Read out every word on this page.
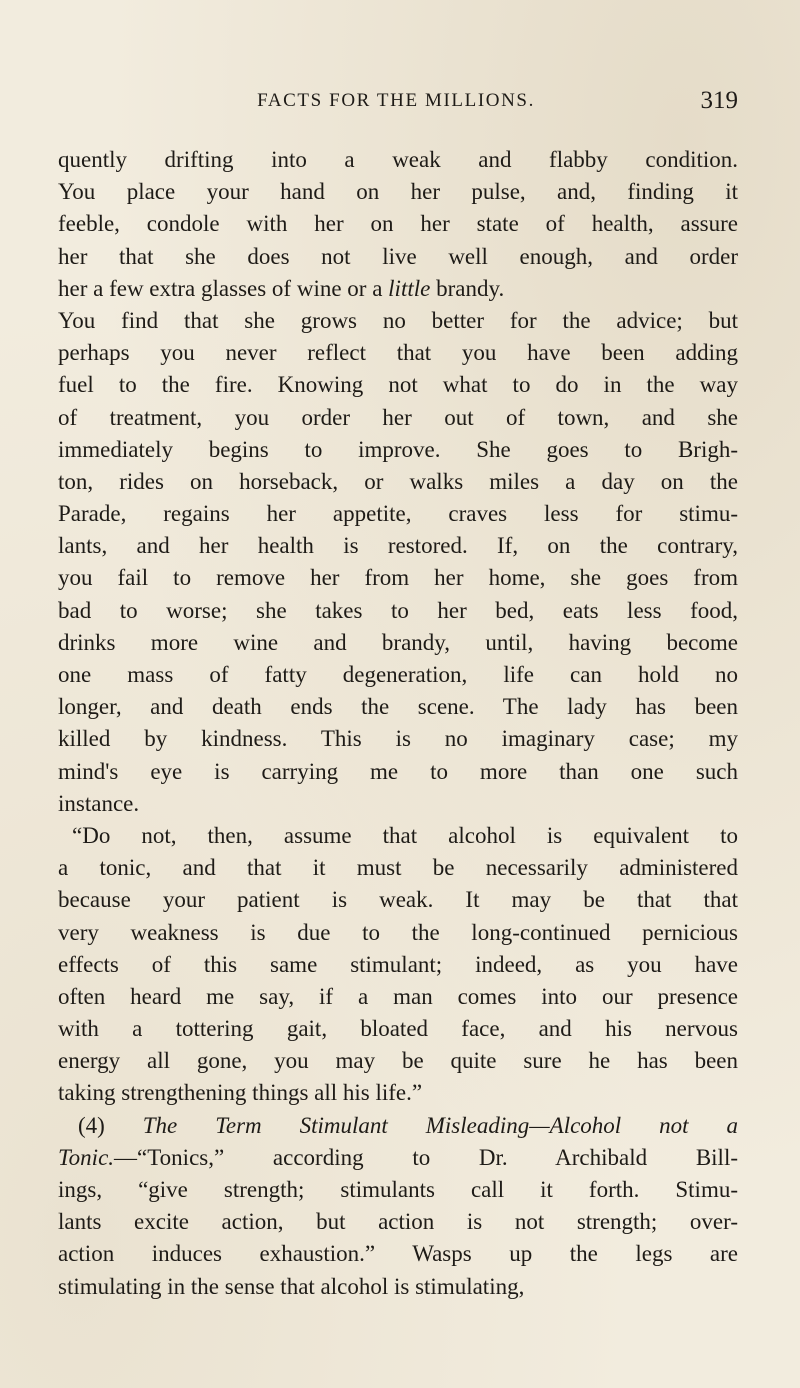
FACTS FOR THE MILLIONS.	319
quently drifting into a weak and flabby condition.
You place your hand on her pulse, and, finding it
feeble, condole with her on her state of health, assure
her that she does not live well enough, and order
her a few extra glasses of wine or a little brandy.
You find that she grows no better for the advice; but
perhaps you never reflect that you have been adding
fuel to the fire. Knowing not what to do in the way
of treatment, you order her out of town, and she
immediately begins to improve. She goes to Brigh-
ton, rides on horseback, or walks miles a day on the
Parade, regains her appetite, craves less for stimu-
lants, and her health is restored. If, on the contrary,
you fail to remove her from her home, she goes from
bad to worse; she takes to her bed, eats less food,
drinks more wine and brandy, until, having become
one mass of fatty degeneration, life can hold no
longer, and death ends the scene. The lady has been
killed by kindness. This is no imaginary case; my
mind's eye is carrying me to more than one such
instance.
“Do not, then, assume that alcohol is equivalent to
a tonic, and that it must be necessarily administered
because your patient is weak. It may be that that
very weakness is due to the long-continued pernicious
effects of this same stimulant; indeed, as you have
often heard me say, if a man comes into our presence
with a tottering gait, bloated face, and his nervous
energy all gone, you may be quite sure he has been
taking strengthening things all his life.”
(4) The Term Stimulant Misleading—Alcohol not a
Tonic.—“Tonics,” according to Dr. Archibald Bill-
ings, “give strength; stimulants call it forth. Stimu-
lants excite action, but action is not strength; over-
action induces exhaustion.” Wasps up the legs are
stimulating in the sense that alcohol is stimulating,
